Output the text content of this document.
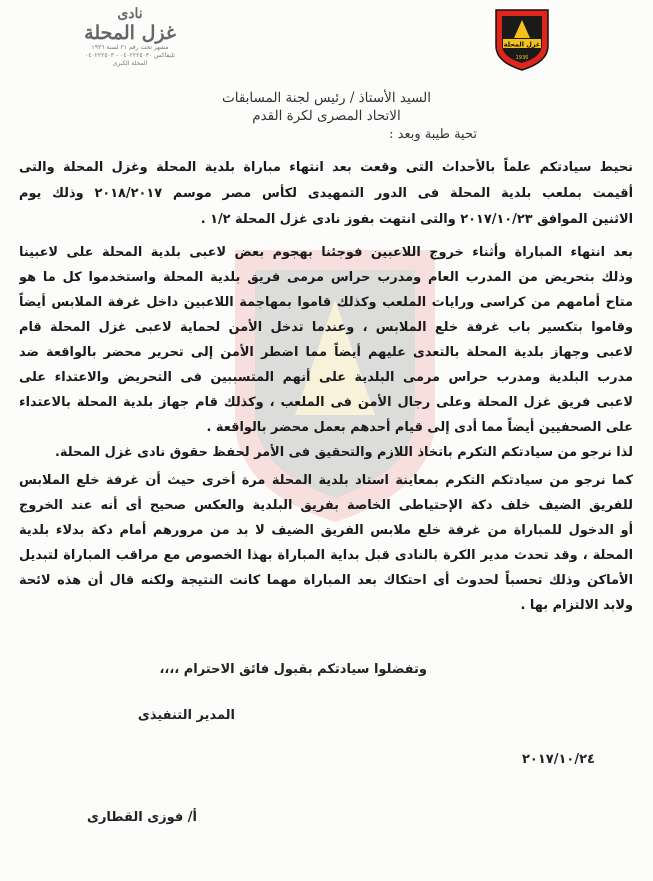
غزل المحلة
1936
نادى
غزل المحلة
مشهر تحت رقم ٢١ لسنة ١٩٣٦
تليفاكس ٠٤٠٢٢٢٥٠٣٠ - ٠٤٠٢٢٢٥٠٣
المحلة الكبرى
السيد الأستاذ / رئيس لجنة المسابقات
الاتحاد المصرى لكرة القدم
تحية طيبة وبعد :
نحيط سيادتكم علماً بالأحداث التى وقعت بعد انتهاء مباراة بلدية المحلة وغزل المحلة والتى
أقيمت بملعب بلدية المحلة فى الدور التمهيدى لكأس مصر موسم ٢٠١٨/٢٠١٧ وذلك يوم
الاثنين الموافق ٢٠١٧/١٠/٢٣ والتى انتهت بفوز نادى غزل المحلة ١/٢ .
بعد انتهاء المباراة وأثناء خروج اللاعبين فوجئنا بهجوم بعض لاعبى بلدية المحلة على لاعبينا
وذلك بتحريض من المدرب العام ومدرب حراس مرمى فريق بلدية المحلة واستخدموا كل ما هو
متاح أمامهم من كراسى ورايات الملعب وكذلك قاموا بمهاجمة اللاعبين داخل غرفة الملابس أيضاً
وقاموا بتكسير باب غرفة خلع الملابس ، وعندما تدخل الأمن لحماية لاعبى غزل المحلة قام
لاعبى وجهاز بلدية المحلة بالتعدى عليهم أيضاً مما اضطر الأمن إلى تحرير محضر بالواقعة ضد
مدرب البلدية ومدرب حراس مرمى البلدية على أنهم المتسببين فى التحريض والاعتداء على
لاعبى فريق غزل المحلة وعلى رجال الأمن فى الملعب ، وكذلك قام جهاز بلدية المحلة بالاعتداء
على الصحفيين أيضاً مما أدى إلى قيام أحدهم بعمل محضر بالواقعة .
لذا نرجو من سيادتكم التكرم باتخاذ اللازم والتحقيق فى الأمر لحفظ حقوق نادى غزل المحلة.
كما نرجو من سيادتكم التكرم بمعاينة استاد بلدية المحلة مرة أخرى حيث أن غرفة خلع الملابس
للفريق الضيف خلف دكة الإحتياطى الخاصة بفريق البلدية والعكس صحيح أى أنه عند الخروج
أو الدخول للمباراة من غرفة خلع ملابس الفريق الضيف لا بد من مرورهم أمام دكة بدلاء بلدية
المحلة ، وقد تحدث مدير الكرة بالنادى قبل بداية المباراة بهذا الخصوص مع مراقب المباراة لتبديل
الأماكن وذلك تحسباً لحدوث أى احتكاك بعد المباراة مهما كانت النتيجة ولكنه قال أن هذه لائحة
ولابد الالتزام بها .
وتفضلوا سيادتكم بقبول فائق الاحترام ،،،،
المدير التنفيذى
٢٠١٧/١٠/٢٤
أ/ فوزى القطارى
